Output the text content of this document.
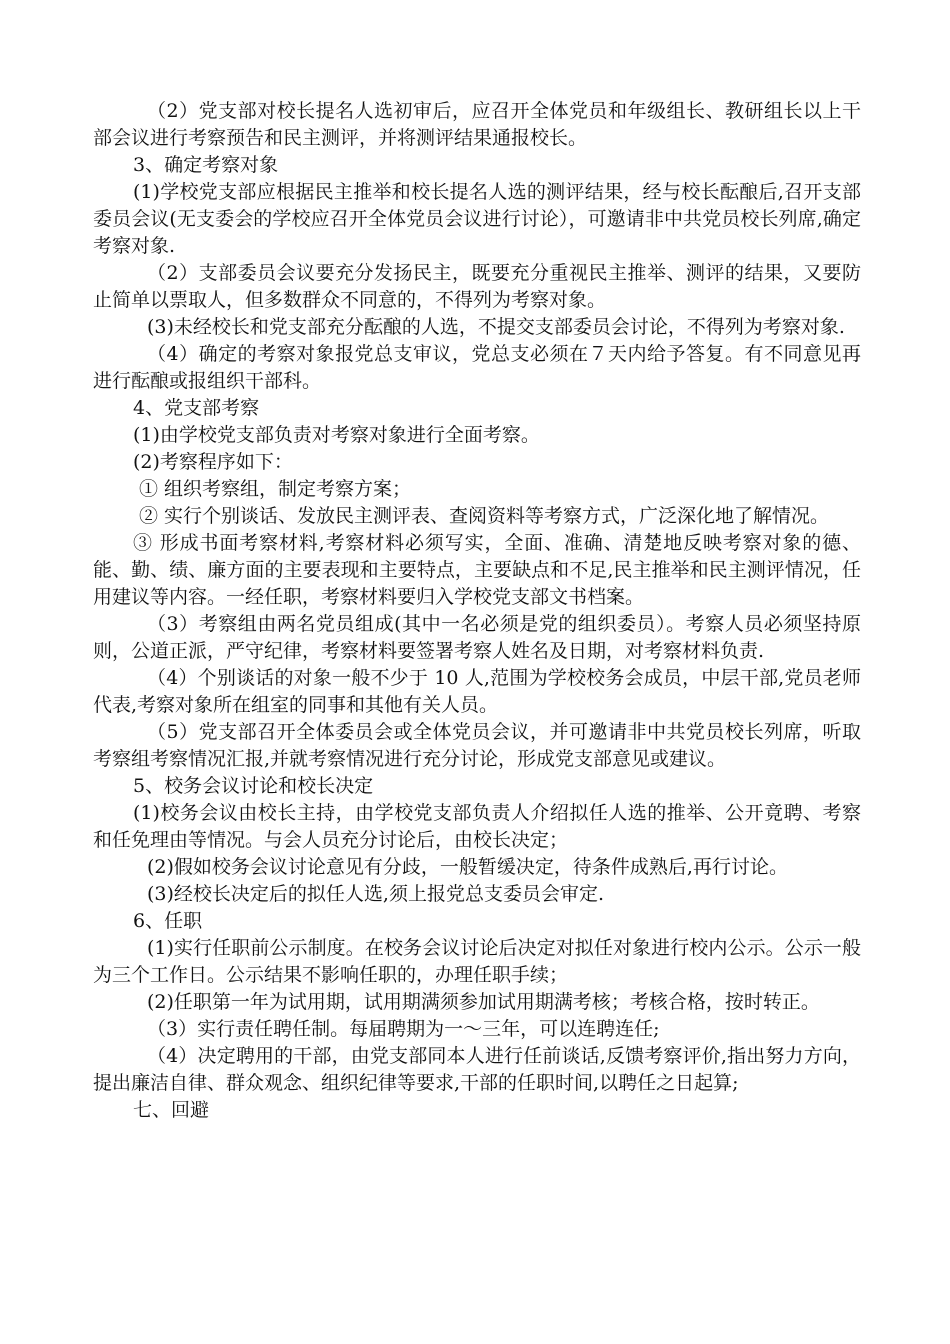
（2）党支部对校长提名人选初审后，应召开全体党员和年级组长、教研组长以上干部会议进行考察预告和民主测评，并将测评结果通报校长。

3、确定考察对象

(1)学校党支部应根据民主推举和校长提名人选的测评结果，经与校长酝酿后,召开支部委员会议(无支委会的学校应召开全体党员会议进行讨论），可邀请非中共党员校长列席,确定考察对象.

（2）支部委员会议要充分发扬民主，既要充分重视民主推举、测评的结果，又要防止简单以票取人，但多数群众不同意的，不得列为考察对象。

(3)未经校长和党支部充分酝酿的人选，不提交支部委员会讨论，不得列为考察对象.

（4）确定的考察对象报党总支审议，党总支必须在７天内给予答复。有不同意见再进行酝酿或报组织干部科。

4、党支部考察

(1)由学校党支部负责对考察对象进行全面考察。

(2)考察程序如下：

① 组织考察组，制定考察方案；

② 实行个别谈话、发放民主测评表、查阅资料等考察方式，广泛深化地了解情况。

③ 形成书面考察材料,考察材料必须写实，全面、准确、清楚地反映考察对象的德、能、勤、绩、廉方面的主要表现和主要特点，主要缺点和不足,民主推举和民主测评情况，任用建议等内容。一经任职，考察材料要归入学校党支部文书档案。

（3）考察组由两名党员组成(其中一名必须是党的组织委员）。考察人员必须坚持原则，公道正派，严守纪律，考察材料要签署考察人姓名及日期，对考察材料负责.

（4）个别谈话的对象一般不少于 10 人,范围为学校校务会成员，中层干部,党员老师代表,考察对象所在组室的同事和其他有关人员。

（5）党支部召开全体委员会或全体党员会议，并可邀请非中共党员校长列席，听取考察组考察情况汇报,并就考察情况进行充分讨论，形成党支部意见或建议。

5、校务会议讨论和校长决定

(1)校务会议由校长主持，由学校党支部负责人介绍拟任人选的推举、公开竟聘、考察和任免理由等情况。与会人员充分讨论后，由校长决定；

(2)假如校务会议讨论意见有分歧，一般暂缓决定，待条件成熟后,再行讨论。

(3)经校长决定后的拟任人选,须上报党总支委员会审定.

6、任职

(1)实行任职前公示制度。在校务会议讨论后决定对拟任对象进行校内公示。公示一般为三个工作日。公示结果不影响任职的，办理任职手续；

(2)任职第一年为试用期，试用期满须参加试用期满考核；考核合格，按时转正。

（3）实行责任聘任制。每届聘期为一～三年，可以连聘连任;

（4）决定聘用的干部，由党支部同本人进行任前谈话,反馈考察评价,指出努力方向，提出廉洁自律、群众观念、组织纪律等要求,干部的任职时间,以聘任之日起算;

七、回避
